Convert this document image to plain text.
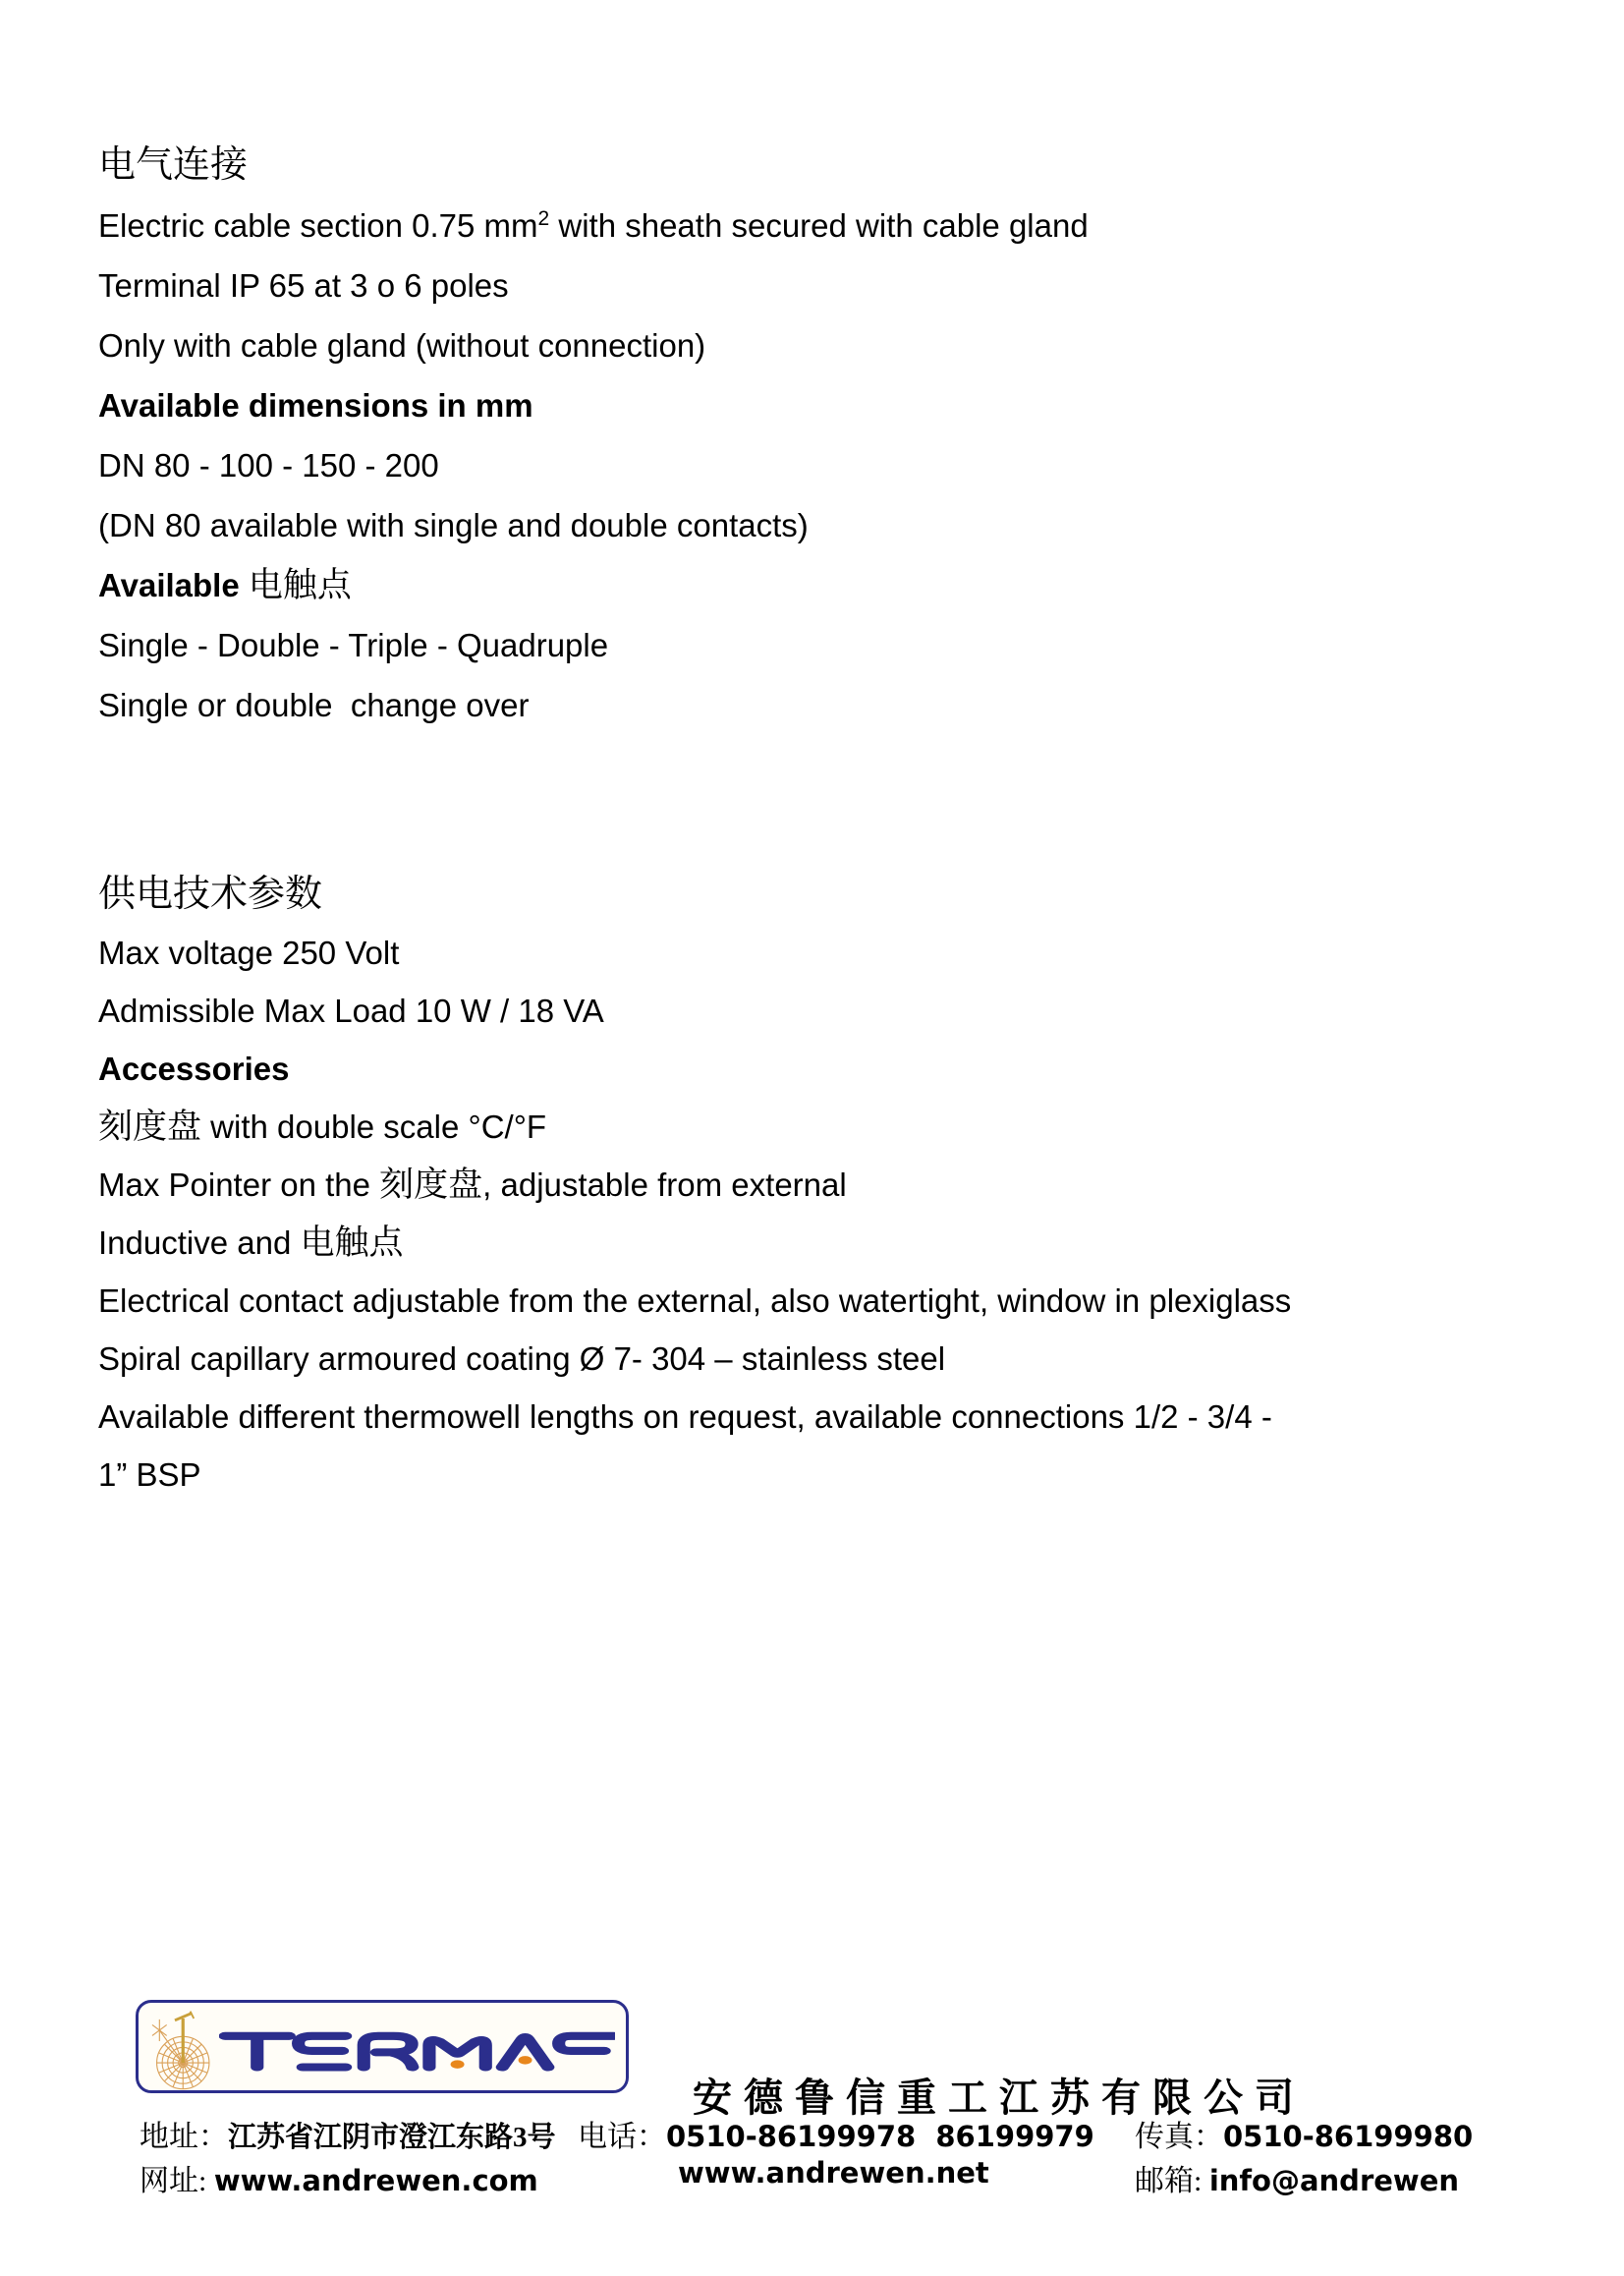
电气连接
Electric cable section 0.75 $mm^2$ with sheath secured with cable gland
Terminal IP 65 at 3 o 6 poles
Only with cable gland (without connection)
Available dimensions in mm
DN 80 - 100 - 150 - 200
(DN 80 available with single and double contacts)
Available 电触点
Single - Double - Triple - Quadruple
Single or double  change over
供电技术参数
Max voltage 250 Volt
Admissible Max Load 10 W / 18 VA
Accessories
刻度盘 with double scale °C/°F
Max Pointer on the 刻度盘, adjustable from external
Inductive and 电触点
Electrical contact adjustable from the external, also watertight, window in plexiglass
Spiral capillary armoured coating Ø 7- 304 – stainless steel
Available different thermowell lengths on request, available connections 1/2 - 3/4 -
1” BSP
安德鲁信重工江苏有限公司
地址：江苏省江阴市澄江东路3号 电话：0510-86199978  86199979 传真：0510-86199980
网址: www.andrewen.com	www.andrewen.net	邮箱: info@andrewen
